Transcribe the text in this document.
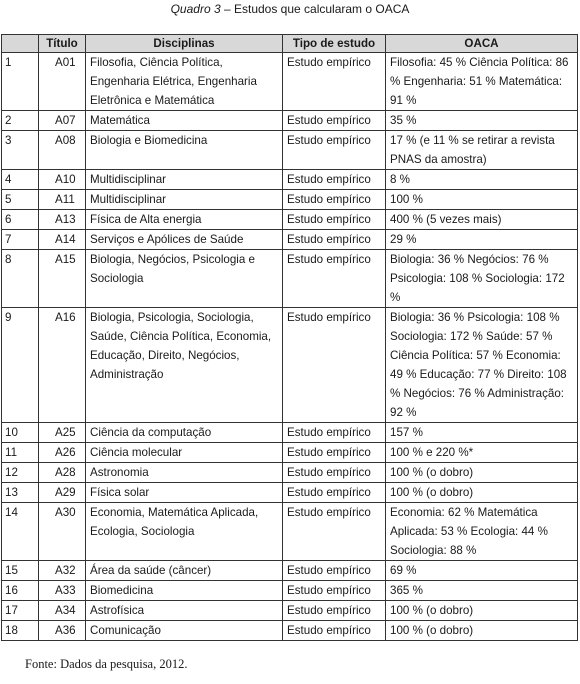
Quadro 3 – Estudos que calcularam o OACA
	Título	Disciplinas	Tipo de estudo	OACA
1	A01	Filosofia, Ciência Política, Engenharia Elétrica, Engenharia Eletrônica e Matemática	Estudo empírico	Filosofia: 45 % Ciência Política: 86 % Engenharia: 51 % Matemática: 91 %
2	A07	Matemática	Estudo empírico	35 %
3	A08	Biologia e Biomedicina	Estudo empírico	17 % (e 11 % se retirar a revista PNAS da amostra)
4	A10	Multidisciplinar	Estudo empírico	8 %
5	A11	Multidisciplinar	Estudo empírico	100 %
6	A13	Física de Alta energia	Estudo empírico	400 % (5 vezes mais)
7	A14	Serviços e Apólices de Saúde	Estudo empírico	29 %
8	A15	Biologia, Negócios, Psicologia e Sociologia	Estudo empírico	Biologia: 36 % Negócios: 76 % Psicologia: 108 % Sociologia: 172 %
9	A16	Biologia, Psicologia, Sociologia, Saúde, Ciência Política, Economia, Educação, Direito, Negócios, Administração	Estudo empírico	Biologia: 36 % Psicologia: 108 % Sociologia: 172 % Saúde: 57 % Ciência Política: 57 % Economia: 49 % Educação: 77 % Direito: 108 % Negócios: 76 % Administração: 92 %
10	A25	Ciência da computação	Estudo empírico	157 %
11	A26	Ciência molecular	Estudo empírico	100 % e 220 %*
12	A28	Astronomia	Estudo empírico	100 % (o dobro)
13	A29	Física solar	Estudo empírico	100 % (o dobro)
14	A30	Economia, Matemática Aplicada, Ecologia, Sociologia	Estudo empírico	Economia: 62 % Matemática Aplicada: 53 % Ecologia: 44 % Sociologia: 88 %
15	A32	Área da saúde (câncer)	Estudo empírico	69 %
16	A33	Biomedicina	Estudo empírico	365 %
17	A34	Astrofísica	Estudo empírico	100 % (o dobro)
18	A36	Comunicação	Estudo empírico	100 % (o dobro)
Fonte: Dados da pesquisa, 2012.
